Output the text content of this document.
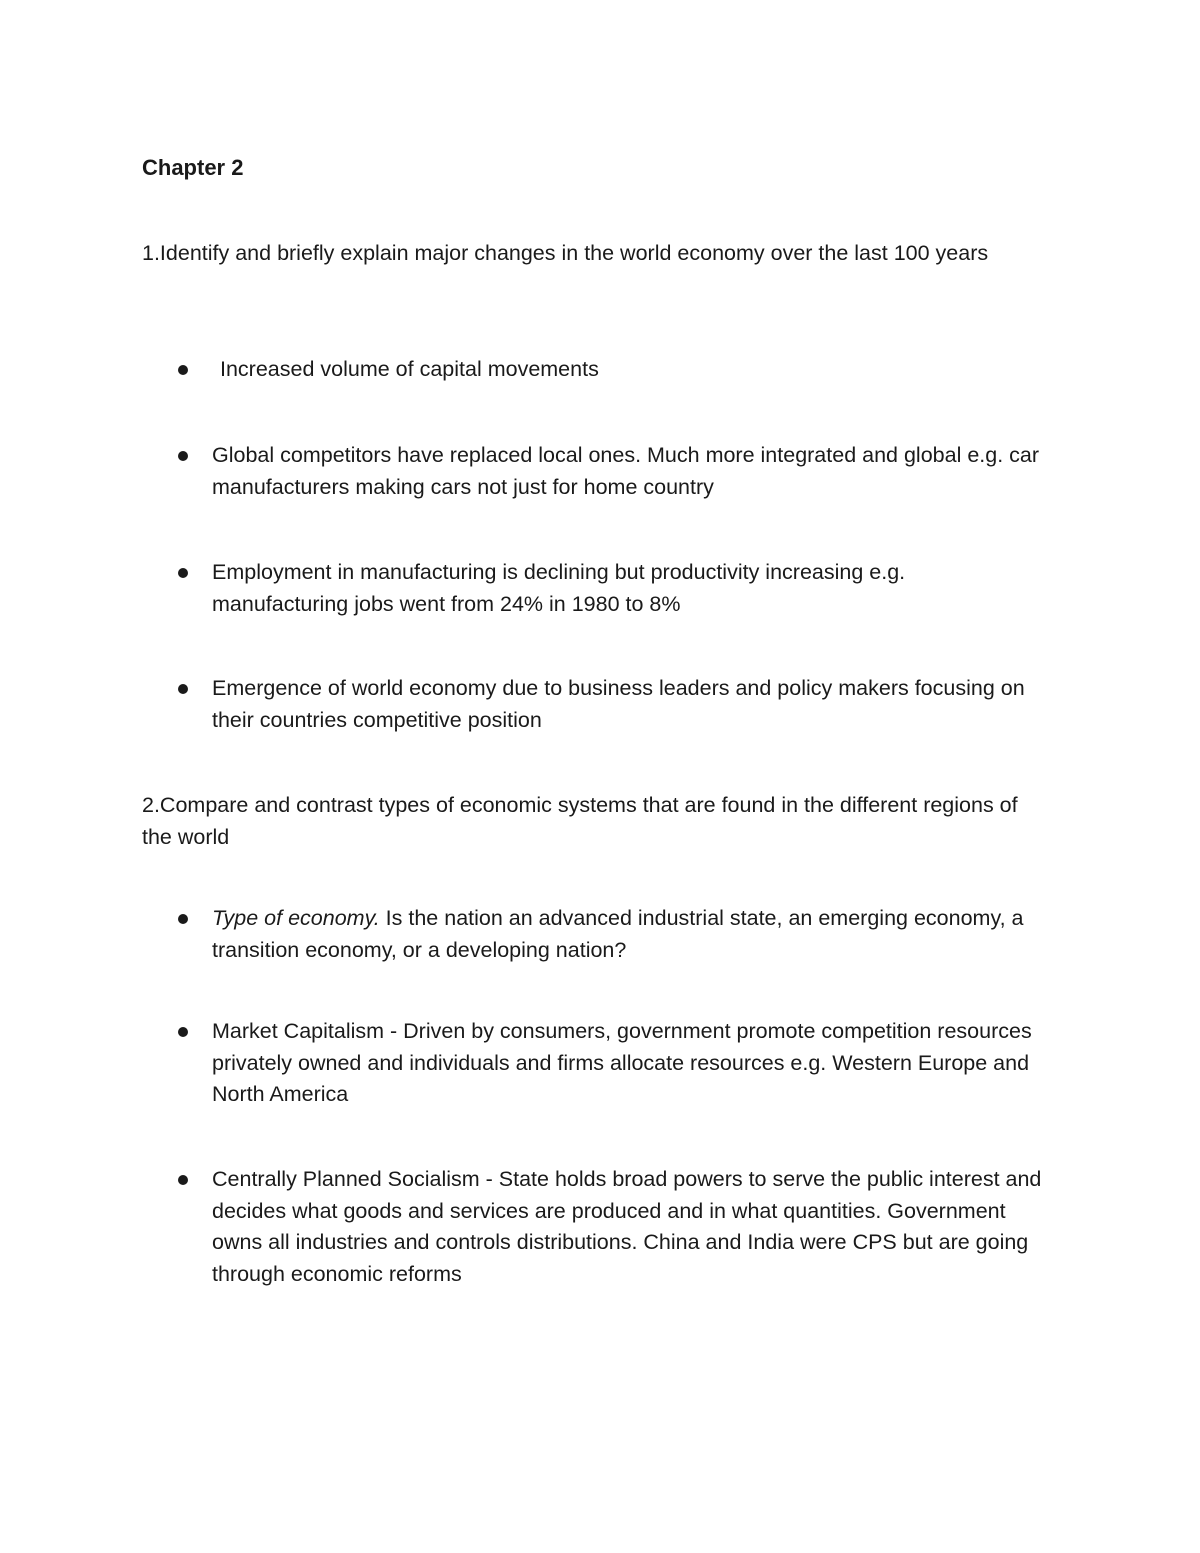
Chapter 2

1.Identify and briefly explain major changes in the world economy over the last 100 years

Increased volume of capital movements
Global competitors have replaced local ones. Much more integrated and global e.g. car manufacturers making cars not just for home country
Employment in manufacturing is declining but productivity increasing e.g. manufacturing jobs went from 24% in 1980 to 8%
Emergence of world economy due to business leaders and policy makers focusing on their countries competitive position

2.Compare and contrast types of economic systems that are found in the different regions of the world

Type of economy. Is the nation an advanced industrial state, an emerging economy, a transition economy, or a developing nation?
Market Capitalism - Driven by consumers, government promote competition resources privately owned and individuals and firms allocate resources e.g. Western Europe and North America
Centrally Planned Socialism - State holds broad powers to serve the public interest and decides what goods and services are produced and in what quantities. Government owns all industries and controls distributions. China and India were CPS but are going through economic reforms
